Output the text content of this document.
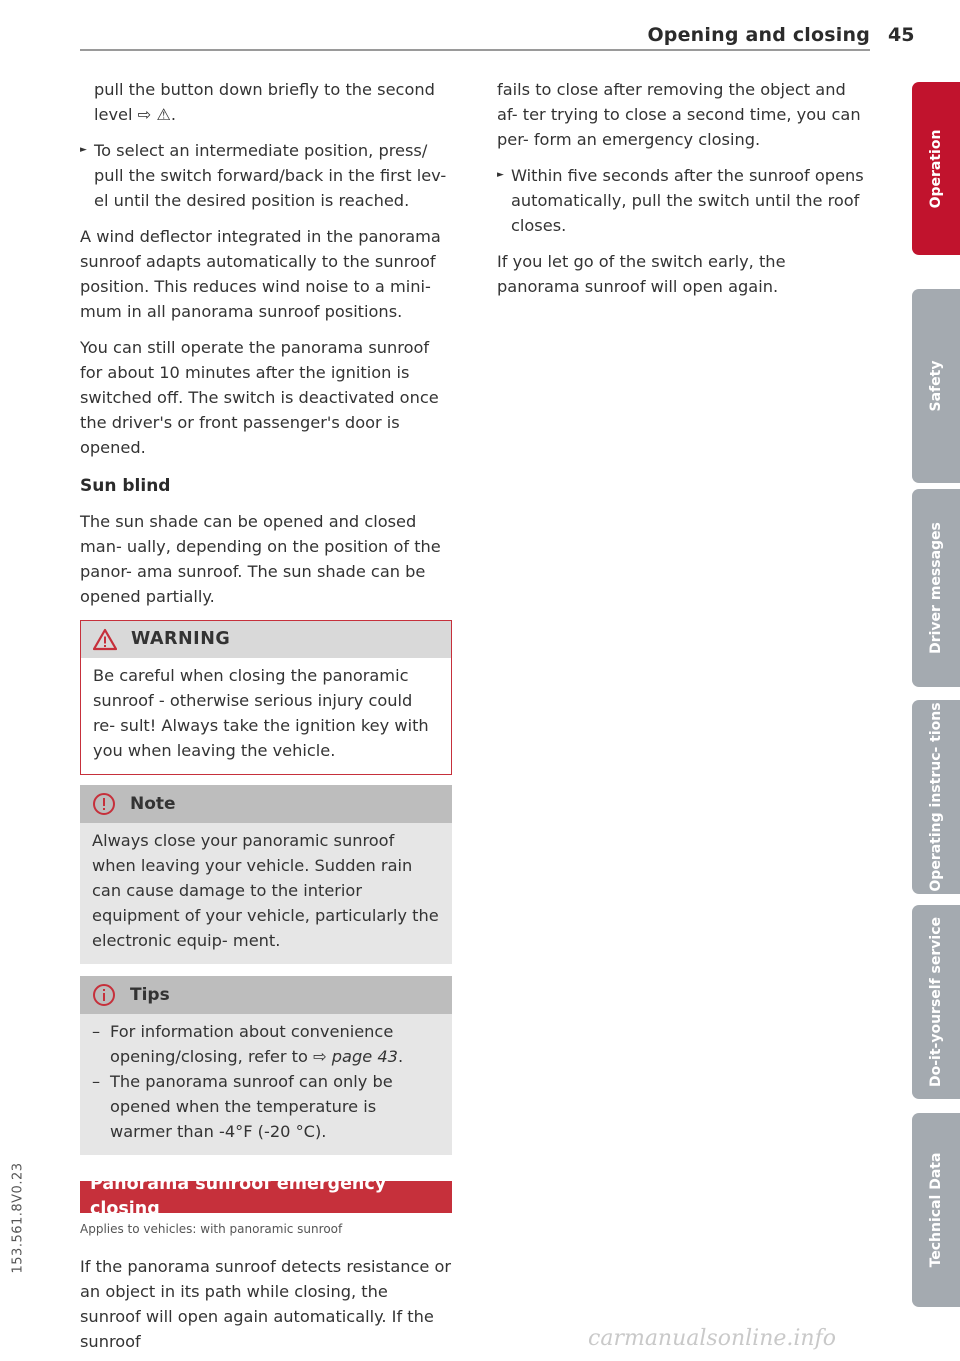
Opening and closing 45

pull the button down briefly to the second level ⇨ ⚠.

► To select an intermediate position, press/ pull the switch forward/back in the first lev- el until the desired position is reached.

A wind deflector integrated in the panorama sunroof adapts automatically to the sunroof position. This reduces wind noise to a mini- mum in all panorama sunroof positions.

You can still operate the panorama sunroof for about 10 minutes after the ignition is switched off. The switch is deactivated once the driver's or front passenger's door is opened.

Sun blind

The sun shade can be opened and closed man- ually, depending on the position of the panor- ama sunroof. The sun shade can be opened partially.

WARNING
Be careful when closing the panoramic sunroof - otherwise serious injury could re- sult! Always take the ignition key with you when leaving the vehicle.
Note
Always close your panoramic sunroof when leaving your vehicle. Sudden rain can cause damage to the interior equipment of your vehicle, particularly the electronic equip- ment.
Tips
– For information about convenience opening/closing, refer to ⇨ page 43.
– The panorama sunroof can only be opened when the temperature is warmer than -4°F (-20 °C).
Panorama sunroof emergency closing
Applies to vehicles: with panoramic sunroof

If the panorama sunroof detects resistance or an object in its path while closing, the sunroof will open again automatically. If the sunroof

fails to close after removing the object and af- ter trying to close a second time, you can per- form an emergency closing.

► Within five seconds after the sunroof opens automatically, pull the switch until the roof closes.

If you let go of the switch early, the panorama sunroof will open again.

Operation
Safety
Driver messages
Operating instruc- tions
Do-it-yourself service
Technical Data
153.561.8V0.23
carmanualsonline.info
